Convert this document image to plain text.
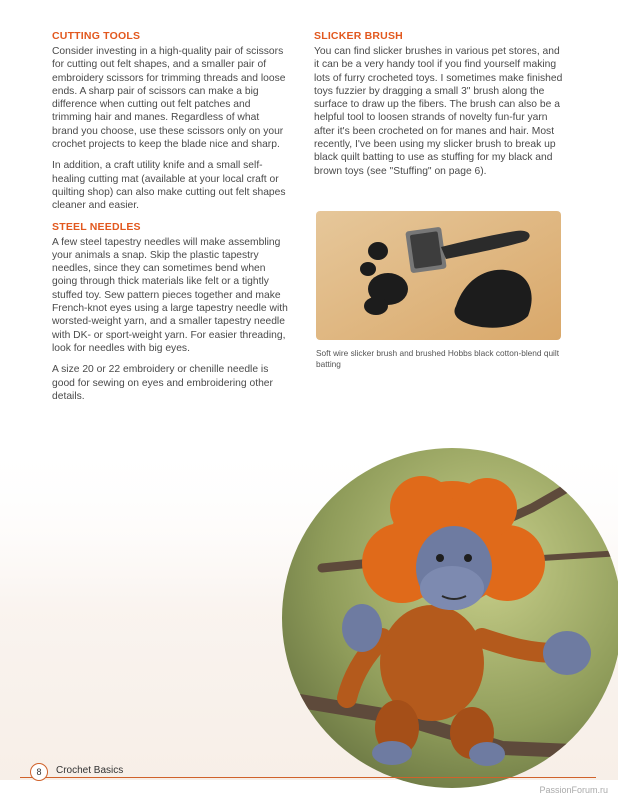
CUTTING TOOLS

Consider investing in a high-quality pair of scissors for cutting out felt shapes, and a smaller pair of embroidery scissors for trimming threads and loose ends. A sharp pair of scissors can make a big difference when cutting out felt patches and trimming hair and manes. Regardless of what brand you choose, use these scissors only on your crochet projects to keep the blade nice and sharp.

In addition, a craft utility knife and a small self-healing cutting mat (available at your local craft or quilting shop) can also make cutting out felt shapes cleaner and easier.

STEEL NEEDLES

A few steel tapestry needles will make assembling your animals a snap. Skip the plastic tapestry needles, since they can sometimes bend when going through thick materials like felt or a tightly stuffed toy. Sew pattern pieces together and make French-knot eyes using a large tapestry needle with worsted-weight yarn, and a smaller tapestry needle with DK- or sport-weight yarn. For easier threading, look for needles with big eyes.

A size 20 or 22 embroidery or chenille needle is good for sewing on eyes and embroidering other details.

SLICKER BRUSH

You can find slicker brushes in various pet stores, and it can be a very handy tool if you find yourself making lots of furry crocheted toys. I sometimes make finished toys fuzzier by dragging a small 3" brush along the surface to draw up the fibers. The brush can also be a helpful tool to loosen strands of novelty fun-fur yarn after it's been crocheted on for manes and hair. Most recently, I've been using my slicker brush to break up black quilt batting to use as stuffing for my black and brown toys (see "Stuffing" on page 6).

Soft wire slicker brush and brushed Hobbs black cotton-blend quilt batting
8	Crochet Basics
PassionForum.ru
